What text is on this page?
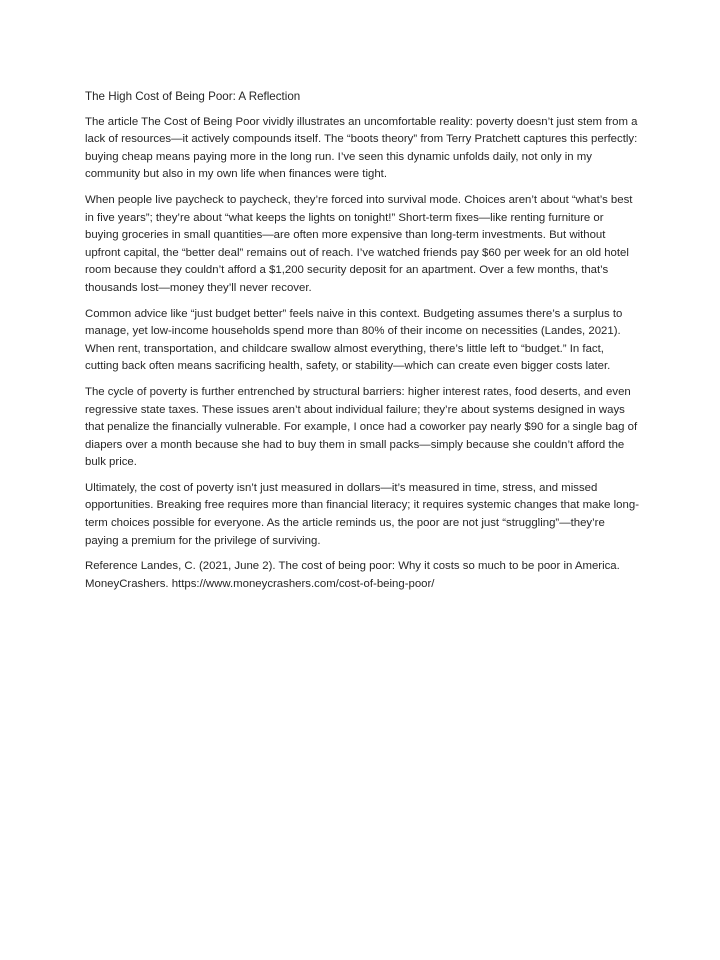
The High Cost of Being Poor: A Reflection

The article The Cost of Being Poor vividly illustrates an uncomfortable reality: poverty doesn’t just stem from a lack of resources—it actively compounds itself. The “boots theory” from Terry Pratchett captures this perfectly: buying cheap means paying more in the long run. I’ve seen this dynamic unfolds daily, not only in my community but also in my own life when finances were tight.

When people live paycheck to paycheck, they’re forced into survival mode. Choices aren’t about “what’s best in five years”; they’re about “what keeps the lights on tonight!” Short-term fixes—like renting furniture or buying groceries in small quantities—are often more expensive than long-term investments. But without upfront capital, the “better deal” remains out of reach. I’ve watched friends pay $60 per week for an old hotel room because they couldn’t afford a $1,200 security deposit for an apartment. Over a few months, that’s thousands lost—money they’ll never recover.

Common advice like “just budget better” feels naive in this context. Budgeting assumes there’s a surplus to manage, yet low-income households spend more than 80% of their income on necessities (Landes, 2021). When rent, transportation, and childcare swallow almost everything, there’s little left to “budget.” In fact, cutting back often means sacrificing health, safety, or stability—which can create even bigger costs later.

The cycle of poverty is further entrenched by structural barriers: higher interest rates, food deserts, and even regressive state taxes. These issues aren’t about individual failure; they’re about systems designed in ways that penalize the financially vulnerable. For example, I once had a coworker pay nearly $90 for a single bag of diapers over a month because she had to buy them in small packs—simply because she couldn’t afford the bulk price.

Ultimately, the cost of poverty isn’t just measured in dollars—it’s measured in time, stress, and missed opportunities. Breaking free requires more than financial literacy; it requires systemic changes that make long-term choices possible for everyone. As the article reminds us, the poor are not just “struggling”—they’re paying a premium for the privilege of surviving.

Reference Landes, C. (2021, June 2). The cost of being poor: Why it costs so much to be poor in America. MoneyCrashers. https://www.moneycrashers.com/cost-of-being-poor/
